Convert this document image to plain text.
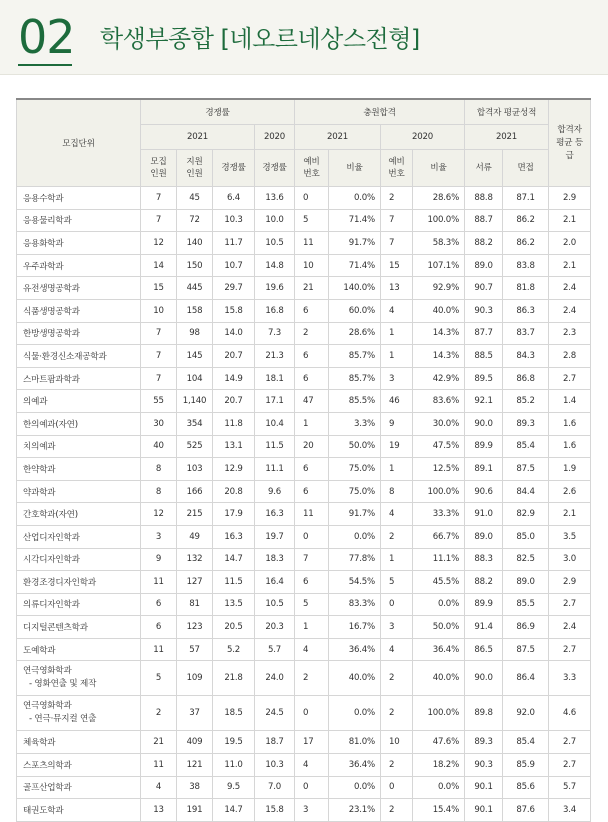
02 학생부종합 [네오르네상스전형]
모집단위	경쟁률				충원합격				합격자 평균성적		합격자 평균 등급
	2021			2020	2021		2020		2021		
	모집 인원	지원 인원	경쟁률	경쟁률	예비 번호	비율	예비 번호	비율	서류	면접	
응용수학과	7	45	6.4	13.6	0	0.0%	2	28.6%	88.8	87.1	2.9
응용물리학과	7	72	10.3	10.0	5	71.4%	7	100.0%	88.7	86.2	2.1
응용화학과	12	140	11.7	10.5	11	91.7%	7	58.3%	88.2	86.2	2.0
우주과학과	14	150	10.7	14.8	10	71.4%	15	107.1%	89.0	83.8	2.1
유전생명공학과	15	445	29.7	19.6	21	140.0%	13	92.9%	90.7	81.8	2.4
식품생명공학과	10	158	15.8	16.8	6	60.0%	4	40.0%	90.3	86.3	2.4
한방생명공학과	7	98	14.0	7.3	2	28.6%	1	14.3%	87.7	83.7	2.3
식물·환경신소재공학과	7	145	20.7	21.3	6	85.7%	1	14.3%	88.5	84.3	2.8
스마트팜과학과	7	104	14.9	18.1	6	85.7%	3	42.9%	89.5	86.8	2.7
의예과	55	1,140	20.7	17.1	47	85.5%	46	83.6%	92.1	85.2	1.4
한의예과(자연)	30	354	11.8	10.4	1	3.3%	9	30.0%	90.0	89.3	1.6
치의예과	40	525	13.1	11.5	20	50.0%	19	47.5%	89.9	85.4	1.6
한약학과	8	103	12.9	11.1	6	75.0%	1	12.5%	89.1	87.5	1.9
약과학과	8	166	20.8	9.6	6	75.0%	8	100.0%	90.6	84.4	2.6
간호학과(자연)	12	215	17.9	16.3	11	91.7%	4	33.3%	91.0	82.9	2.1
산업디자인학과	3	49	16.3	19.7	0	0.0%	2	66.7%	89.0	85.0	3.5
시각디자인학과	9	132	14.7	18.3	7	77.8%	1	11.1%	88.3	82.5	3.0
환경조경디자인학과	11	127	11.5	16.4	6	54.5%	5	45.5%	88.2	89.0	2.9
의류디자인학과	6	81	13.5	10.5	5	83.3%	0	0.0%	89.9	85.5	2.7
디지털콘텐츠학과	6	123	20.5	20.3	1	16.7%	3	50.0%	91.4	86.9	2.4
도예학과	11	57	5.2	5.7	4	36.4%	4	36.4%	86.5	87.5	2.7
연극영화학과

- 영화연출 및 제작	5	109	21.8	24.0	2	40.0%	2	40.0%	90.0	86.4	3.3
연극영화학과

- 연극·뮤지컬 연출	2	37	18.5	24.5	0	0.0%	2	100.0%	89.8	92.0	4.6
체육학과	21	409	19.5	18.7	17	81.0%	10	47.6%	89.3	85.4	2.7
스포츠의학과	11	121	11.0	10.3	4	36.4%	2	18.2%	90.3	85.9	2.7
골프산업학과	4	38	9.5	7.0	0	0.0%	0	0.0%	90.1	85.6	5.7
태권도학과	13	191	14.7	15.8	3	23.1%	2	15.4%	90.1	87.6	3.4
